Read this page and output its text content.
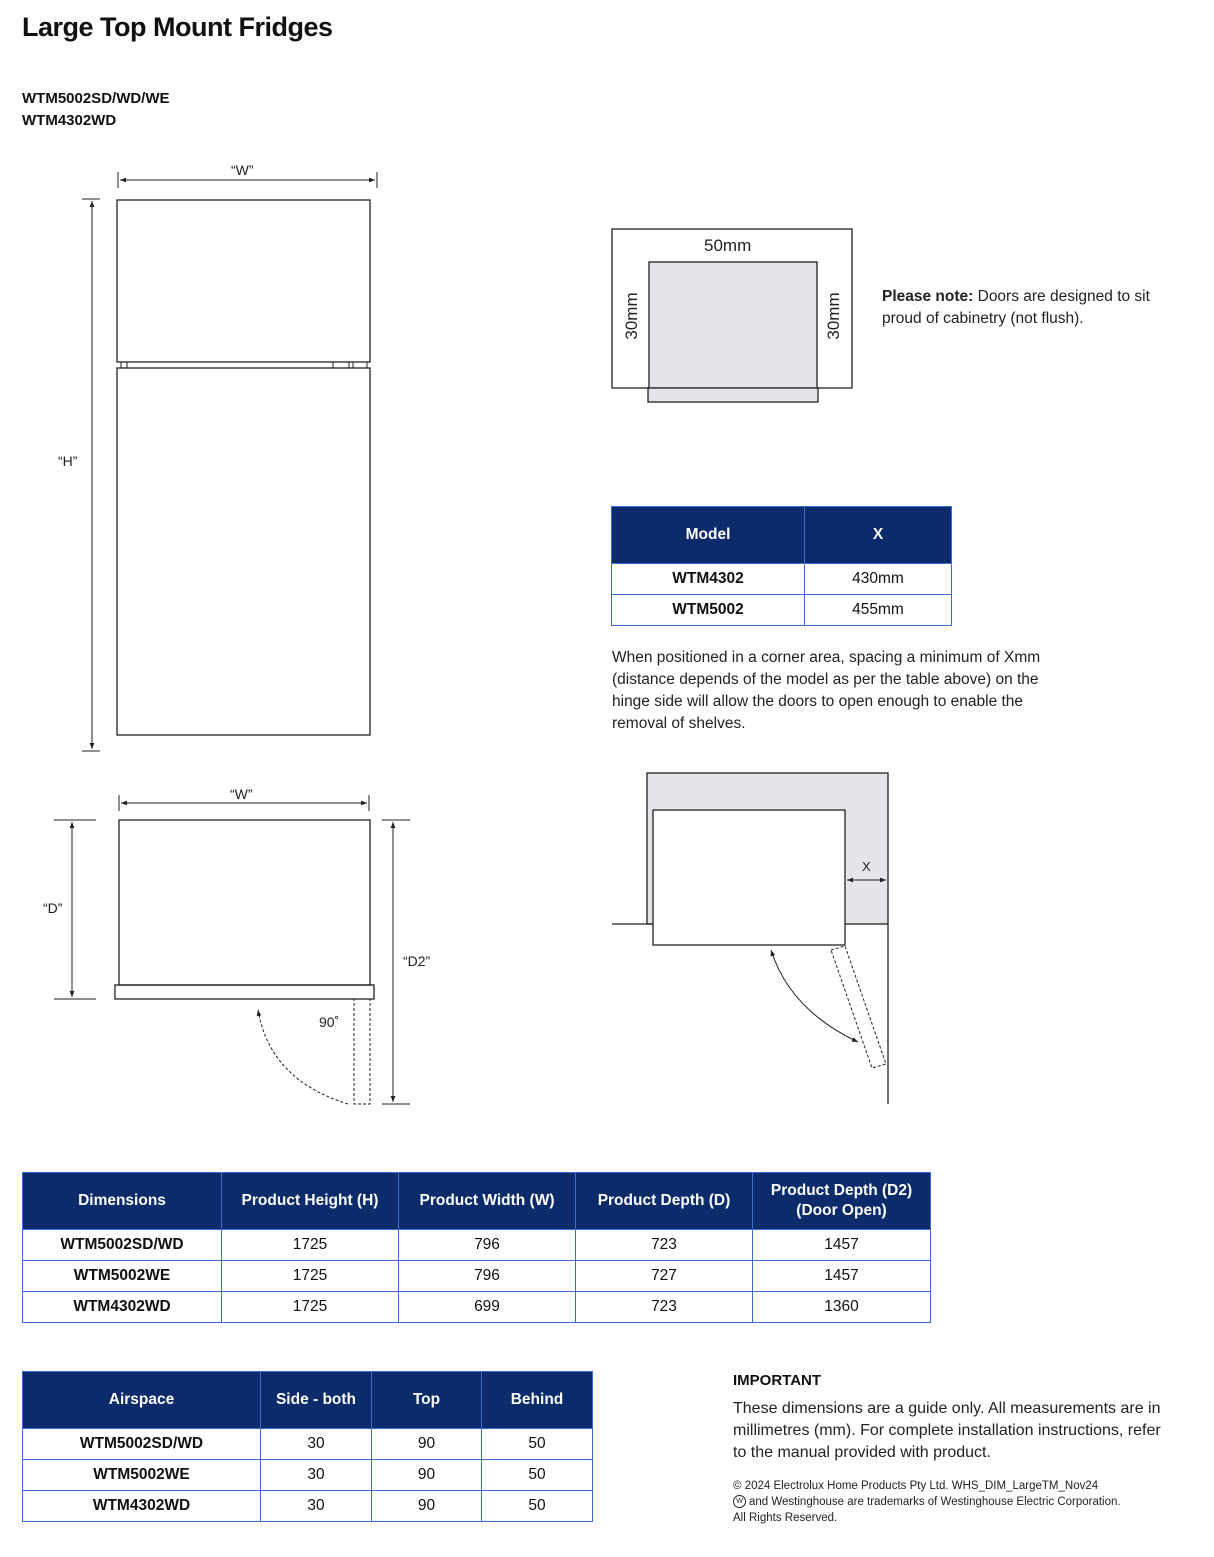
Large Top Mount Fridges
WTM5002SD/WD/WE
WTM4302WD
“W”
“H”
“W”
“D”
“D2”
90˚
50mm
30mm	30mm
X
Please note: Doors are designed to sit proud of cabinetry (not flush).
Model	X
WTM4302	430mm
WTM5002	455mm
When positioned in a corner area, spacing a minimum of Xmm (distance depends of the model as per the table above) on the hinge side will allow the doors to open enough to enable the removal of shelves.
Dimensions	Product Height (H)	Product Width (W)	Product Depth (D)	Product Depth (D2) (Door Open)
WTM5002SD/WD	1725	796	723	1457
WTM5002WE	1725	796	727	1457
WTM4302WD	1725	699	723	1360
Airspace	Side - both	Top	Behind
WTM5002SD/WD	30	90	50
WTM5002WE	30	90	50
WTM4302WD	30	90	50
IMPORTANT
These dimensions are a guide only. All measurements are in millimetres (mm). For complete installation instructions, refer to the manual provided with product.
© 2024 Electrolux Home Products Pty Ltd. WHS_DIM_LargeTM_Nov24
W and Westinghouse are trademarks of Westinghouse Electric Corporation.
All Rights Reserved.
